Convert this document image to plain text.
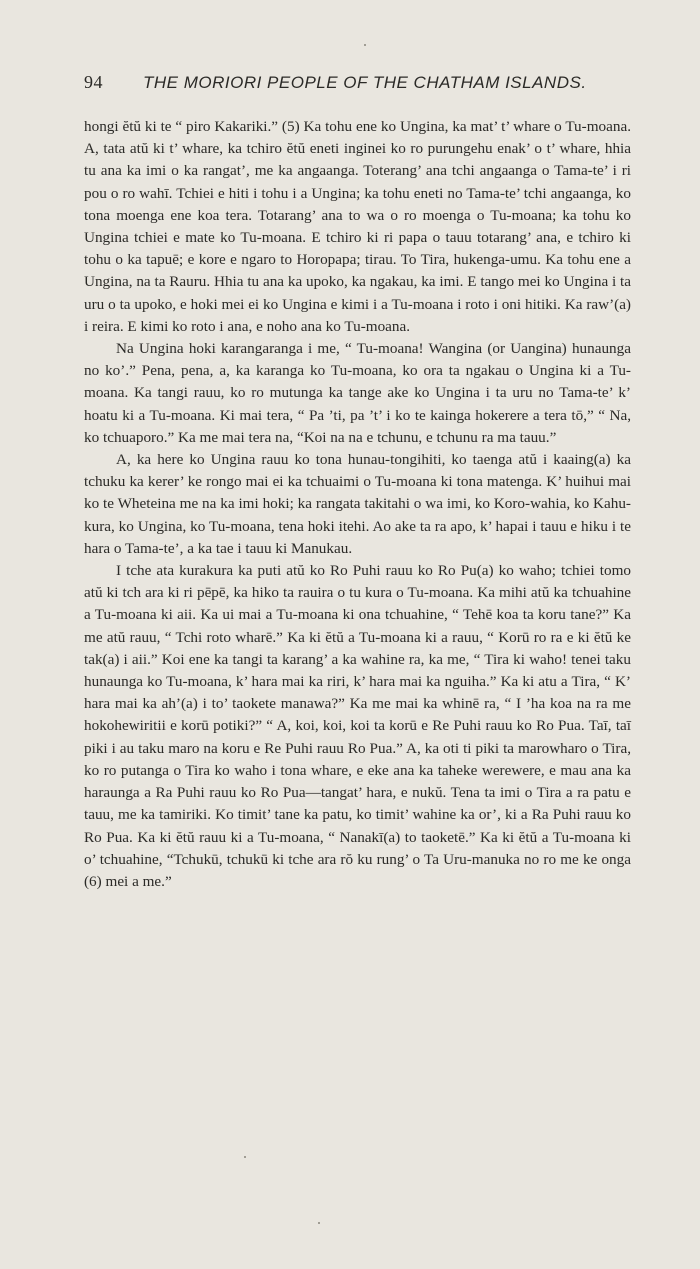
94 THE MORIORI PEOPLE OF THE CHATHAM ISLANDS.

hongi ĕtŭ ki te “ piro Kakariki.” (5) Ka tohu ene ko Ungina, ka mat’ t’ whare o Tu-moana. A, tata atŭ ki t’ whare, ka tchiro ĕtŭ eneti inginei ko ro purungehu enak’ o t’ whare, hhia tu ana ka imi o ka rangat’, me ka angaanga. Toterang’ ana tchi angaanga o Tama-te’ i ri pou o ro wahī. Tchiei e hiti i tohu i a Ungina; ka tohu eneti no Tama-te’ tchi angaanga, ko tona moenga ene koa tera. Totarang’ ana to wa o ro moenga o Tu-moana; ka tohu ko Ungina tchiei e mate ko Tu-moana. E tchiro ki ri papa o tauu totarang’ ana, e tchiro ki tohu o ka tapuē; e kore e ngaro to Horopapa; tirau. To Tira, hukenga-umu. Ka tohu ene a Ungina, na ta Rauru. Hhia tu ana ka upoko, ka ngakau, ka imi. E tango mei ko Ungina i ta uru o ta upoko, e hoki mei ei ko Ungina e kimi i a Tu-moana i roto i oni hitiki. Ka raw’(a) i reira. E kimi ko roto i ana, e noho ana ko Tu-moana.

Na Ungina hoki karangaranga i me, “ Tu-moana! Wangina (or Uangina) hunaunga no ko’.” Pena, pena, a, ka karanga ko Tu-moana, ko ora ta ngakau o Ungina ki a Tu-moana. Ka tangi rauu, ko ro mutunga ka tange ake ko Ungina i ta uru no Tama-te’ k’ hoatu ki a Tu-moana. Ki mai tera, “ Pa ’ti, pa ’t’ i ko te kainga hokerere a tera tō,” “ Na, ko tchuaporo.” Ka me mai tera na, “Koi na na e tchunu, e tchunu ra ma tauu.”

A, ka here ko Ungina rauu ko tona hunau-tongihiti, ko taenga atŭ i kaaing(a) ka tchuku ka kerer’ ke rongo mai ei ka tchuaimi o Tu-moana ki tona matenga. K’ huihui mai ko te Wheteina me na ka imi hoki; ka rangata takitahi o wa imi, ko Koro-wahia, ko Kahu-kura, ko Ungina, ko Tu-moana, tena hoki itehi. Ao ake ta ra apo, k’ hapai i tauu e hiku i te hara o Tama-te’, a ka tae i tauu ki Manukau.

I tche ata kurakura ka puti atŭ ko Ro Puhi rauu ko Ro Pu(a) ko waho; tchiei tomo atŭ ki tch ara ki ri pēpē, ka hiko ta rauira o tu kura o Tu-moana. Ka mihi atŭ ka tchuahine a Tu-moana ki aii. Ka ui mai a Tu-moana ki ona tchuahine, “ Tehē koa ta koru tane?” Ka me atŭ rauu, “ Tchi roto wharē.” Ka ki ĕtŭ a Tu-moana ki a rauu, “ Korū ro ra e ki ĕtŭ ke tak(a) i aii.” Koi ene ka tangi ta karang’ a ka wahine ra, ka me, “ Tira ki waho! tenei taku hunaunga ko Tu-moana, k’ hara mai ka riri, k’ hara mai ka nguiha.” Ka ki atu a Tira, “ K’ hara mai ka ah’(a) i to’ taokete manawa?” Ka me mai ka whinē ra, “ I ’ha koa na ra me hokohewiritii e korū potiki?” “ A, koi, koi, koi ta korū e Re Puhi rauu ko Ro Pua. Taī, taī piki i au taku maro na koru e Re Puhi rauu Ro Pua.” A, ka oti ti piki ta marowharo o Tira, ko ro putanga o Tira ko waho i tona whare, e eke ana ka taheke werewere, e mau ana ka haraunga a Ra Puhi rauu ko Ro Pua—tangat’ hara, e nukŭ. Tena ta imi o Tira a ra patu e tauu, me ka tamiriki. Ko timit’ tane ka patu, ko timit’ wahine ka or’, ki a Ra Puhi rauu ko Ro Pua. Ka ki ĕtŭ rauu ki a Tu-moana, “ Nanakī(a) to taoketē.” Ka ki ĕtŭ a Tu-moana ki o’ tchuahine, “Tchukū, tchukū ki tche ara rŏ ku rung’ o Ta Uru-manuka no ro me ke onga (6) mei a me.”
